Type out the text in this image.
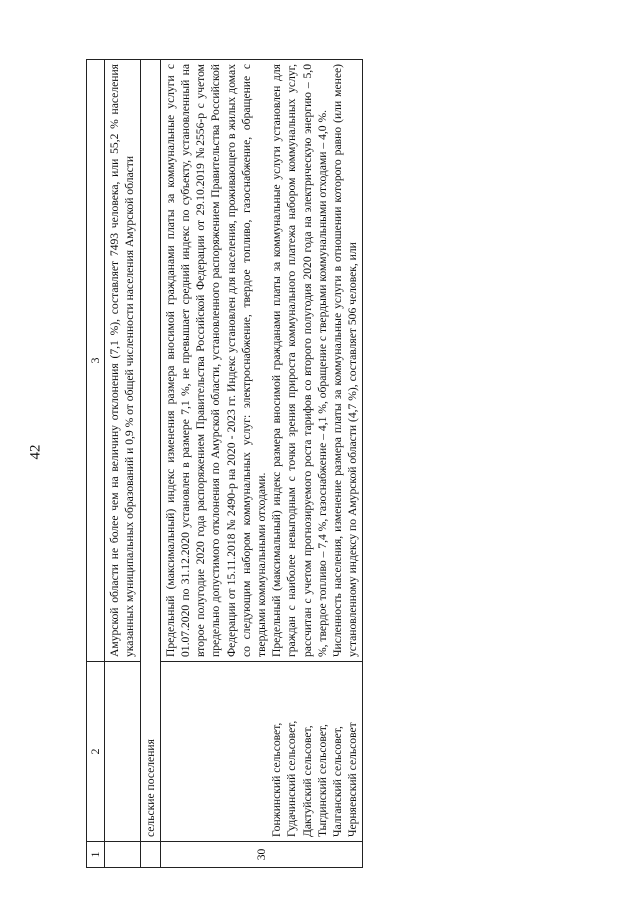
42
1	2	3
		Амурской области не более чем на величину отклонения (7,1 %), составляет 7493 человека, или 55,2 % населения указанных муниципальных образований и 0,9 % от общей численности населения Амурской области
	сельские поселения	
30	Гонжинский сельсовет, Гудачинский сельсовет, Дактуйский сельсовет, Тыгдинский сельсовет, Чалганский сельсовет, Черняевский сельсовет	Предельный (максимальный) индекс изменения размера вносимой гражданами платы за коммунальные услуги с 01.07.2020 по 31.12.2020 установлен в размере 7,1 %, не превышает средний индекс по субъекту, установленный на второе полугодие 2020 года распоряжением Правительства Российской Федерации от 29.10.2019 №2556-р с учетом предельно допустимого отклонения по Амурской области, установленного распоряжением Правительства Российской Федерации от 15.11.2018 № 2490-р на 2020 - 2023 гг. Индекс установлен для населения, проживающего в жилых домах со следующим набором коммунальных услуг: электроснабжение, твердое топливо, газоснабжение, обращение с твердыми коммунальными отходами. Предельный (максимальный) индекс размера вносимой гражданами платы за коммунальные услуги установлен для граждан с наиболее невыгодным с точки зрения прироста коммунального платежа набором коммунальных услуг, рассчитан с учетом прогнозируемого роста тарифов со второго полугодия 2020 года на электрическую энергию – 5,0 %, твердое топливо – 7,4 %, газоснабжение – 4,1 %, обращение с твердыми коммунальными отходами – 4,0 %. Численность населения, изменение размера платы за коммунальные услуги в отношении которого равно (или менее) установленному индексу по Амурской области (4,7 %), составляет 506 человек, или
